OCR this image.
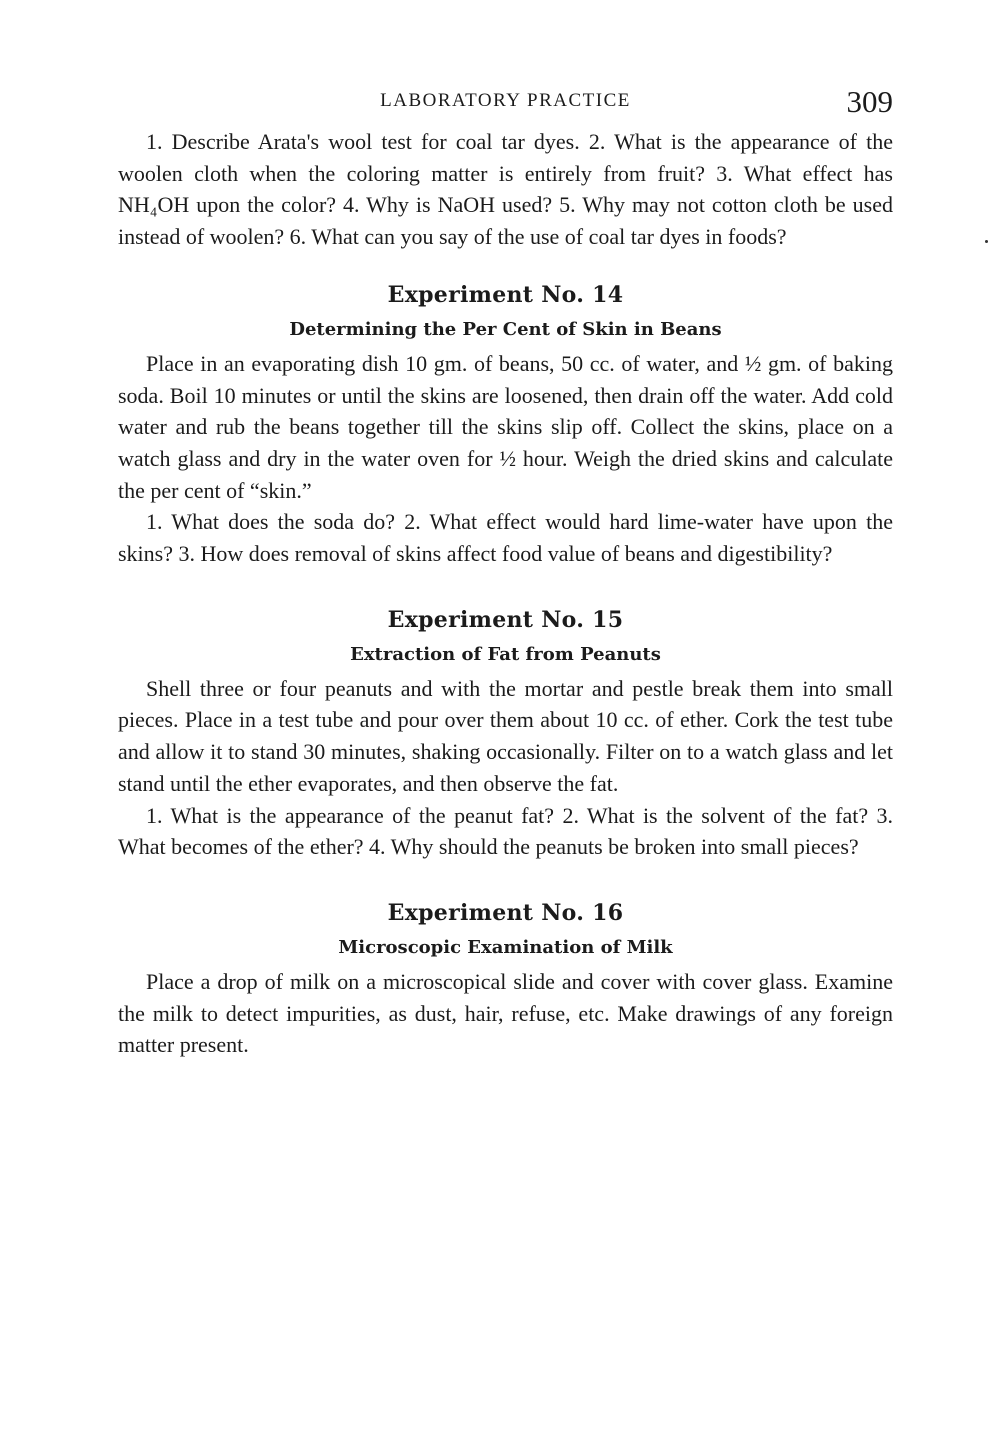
LABORATORY PRACTICE	309

1. Describe Arata's wool test for coal tar dyes. 2. What is the appearance of the woolen cloth when the coloring matter is entirely from fruit? 3. What effect has NH₄OH upon the color? 4. Why is NaOH used? 5. Why may not cotton cloth be used instead of woolen? 6. What can you say of the use of coal tar dyes in foods?

Experiment No. 14
Determining the Per Cent of Skin in Beans

Place in an evaporating dish 10 gm. of beans, 50 cc. of water, and ½ gm. of baking soda. Boil 10 minutes or until the skins are loosened, then drain off the water. Add cold water and rub the beans together till the skins slip off. Collect the skins, place on a watch glass and dry in the water oven for ½ hour. Weigh the dried skins and calculate the per cent of “skin.”

1. What does the soda do? 2. What effect would hard lime-water have upon the skins? 3. How does removal of skins affect food value of beans and digestibility?

Experiment No. 15
Extraction of Fat from Peanuts

Shell three or four peanuts and with the mortar and pestle break them into small pieces. Place in a test tube and pour over them about 10 cc. of ether. Cork the test tube and allow it to stand 30 minutes, shaking occasionally. Filter on to a watch glass and let stand until the ether evaporates, and then observe the fat.

1. What is the appearance of the peanut fat? 2. What is the solvent of the fat? 3. What becomes of the ether? 4. Why should the peanuts be broken into small pieces?

Experiment No. 16
Microscopic Examination of Milk

Place a drop of milk on a microscopical slide and cover with cover glass. Examine the milk to detect impurities, as dust, hair, refuse, etc. Make drawings of any foreign matter present.
